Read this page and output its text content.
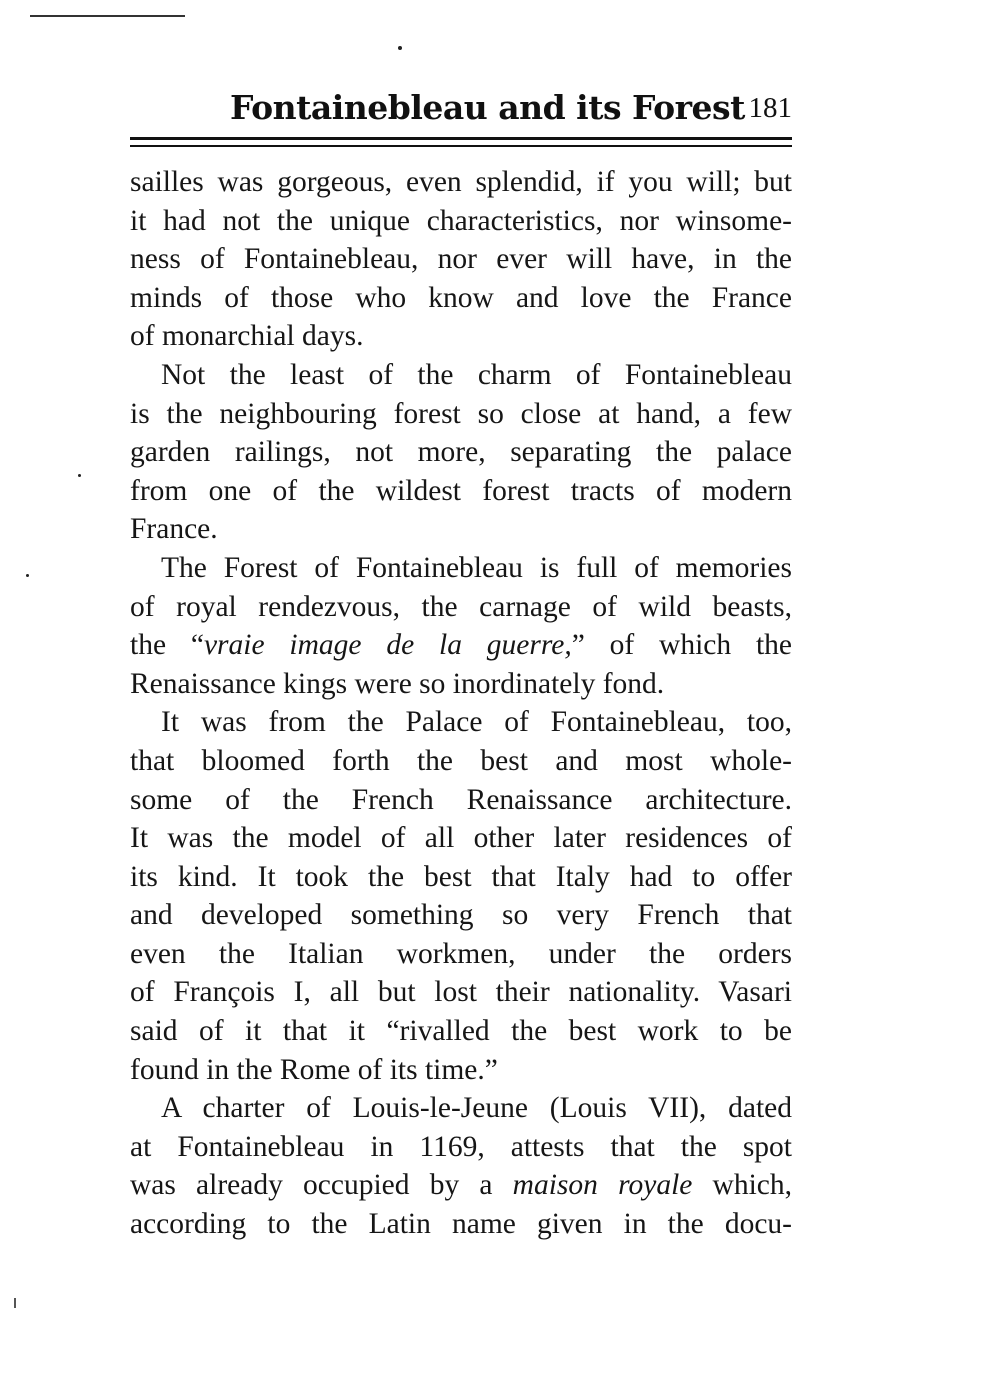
Fontainebleau and its Forest 181

sailles was gorgeous, even splendid, if you will; but
it had not the unique characteristics, nor winsome-
ness of Fontainebleau, nor ever will have, in the
minds of those who know and love the France
of monarchial days.

Not the least of the charm of Fontainebleau
is the neighbouring forest so close at hand, a few
garden railings, not more, separating the palace
from one of the wildest forest tracts of modern
France.

The Forest of Fontainebleau is full of memories
of royal rendezvous, the carnage of wild beasts,
the “vraie image de la guerre,” of which the
Renaissance kings were so inordinately fond.

It was from the Palace of Fontainebleau, too,
that bloomed forth the best and most whole-
some of the French Renaissance architecture.
It was the model of all other later residences of
its kind. It took the best that Italy had to offer
and developed something so very French that
even the Italian workmen, under the orders
of François I, all but lost their nationality. Vasari
said of it that it “rivalled the best work to be
found in the Rome of its time.”

A charter of Louis-le-Jeune (Louis VII), dated
at Fontainebleau in 1169, attests that the spot
was already occupied by a maison royale which,
according to the Latin name given in the docu-
